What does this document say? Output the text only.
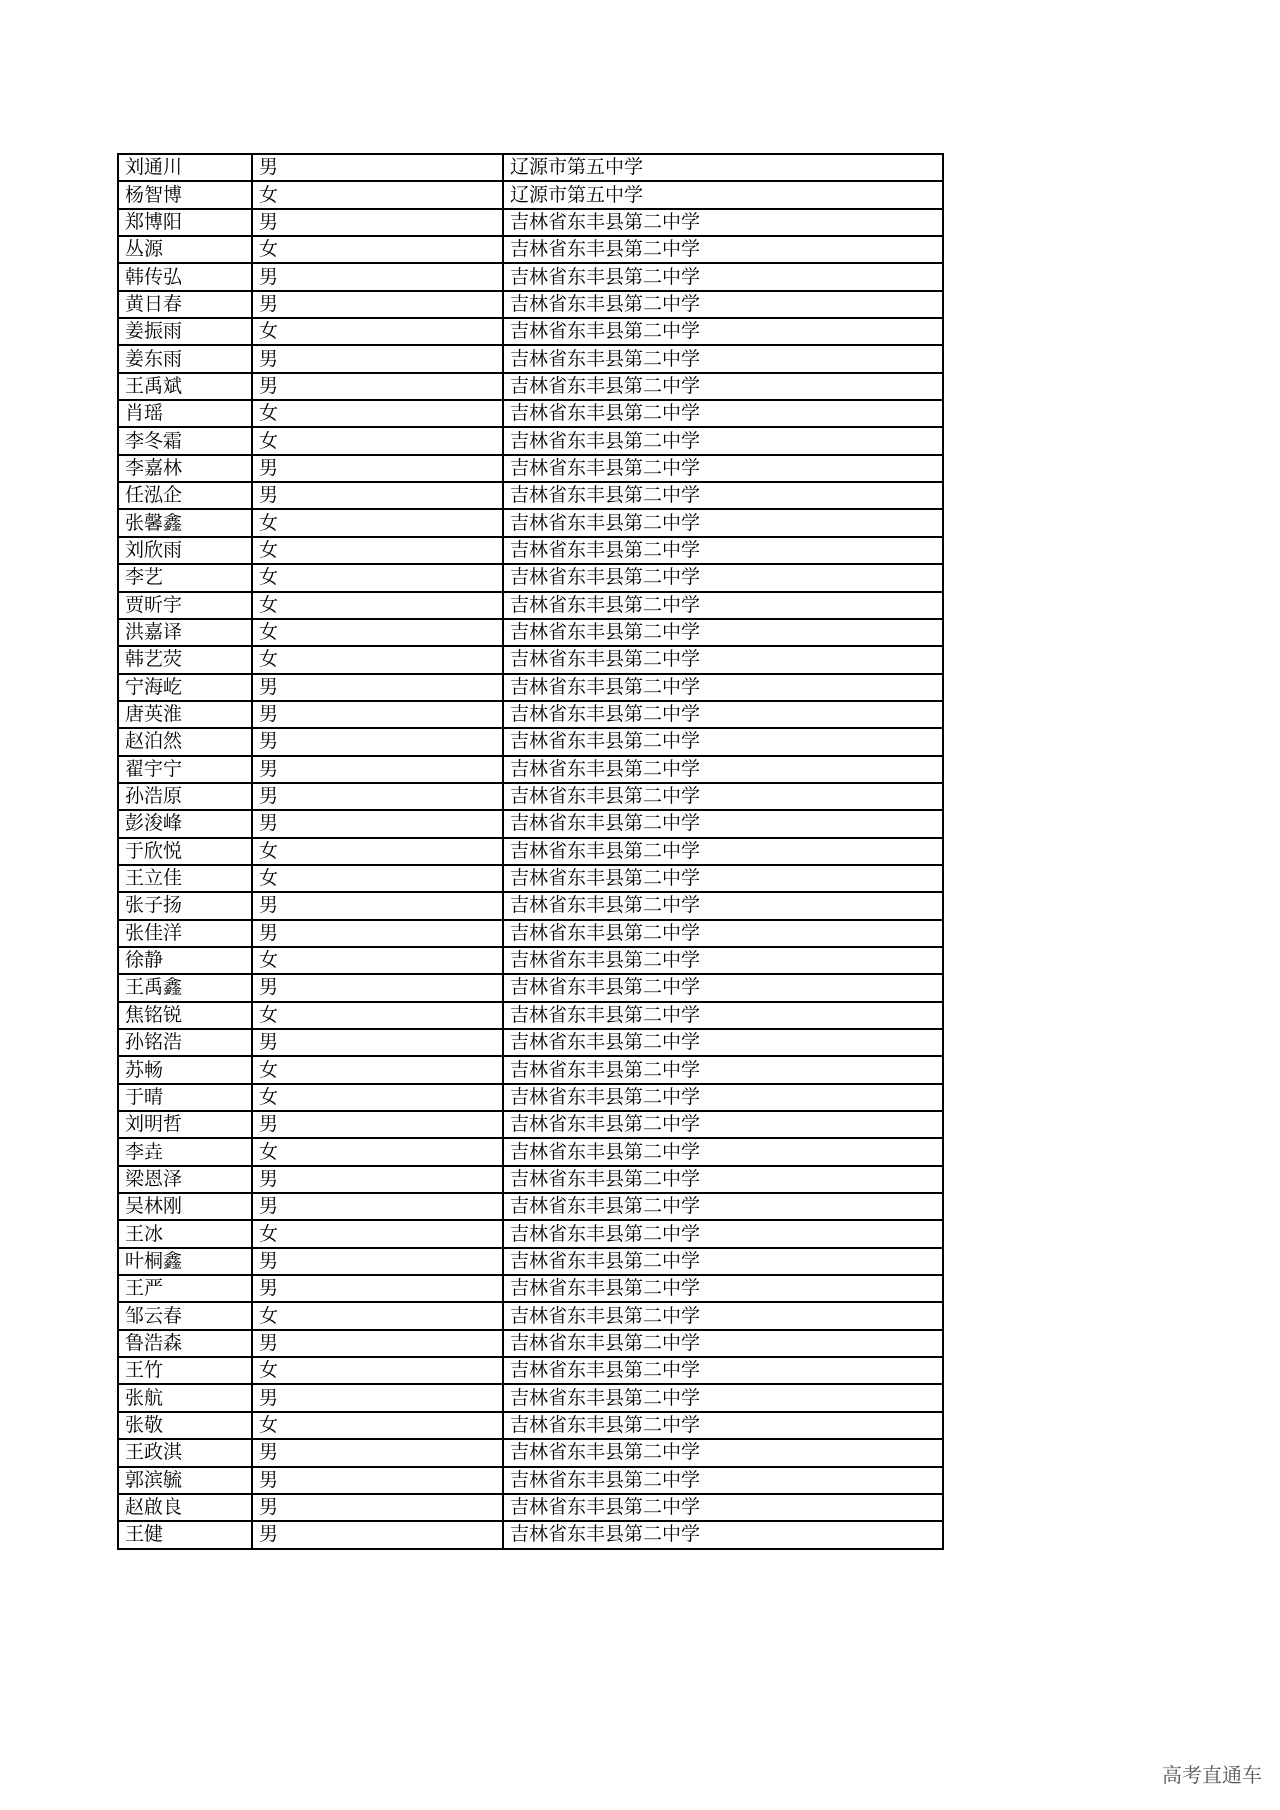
刘通川	男	辽源市第五中学
杨智博	女	辽源市第五中学
郑博阳	男	吉林省东丰县第二中学
丛源	女	吉林省东丰县第二中学
韩传弘	男	吉林省东丰县第二中学
黄日春	男	吉林省东丰县第二中学
姜振雨	女	吉林省东丰县第二中学
姜东雨	男	吉林省东丰县第二中学
王禹斌	男	吉林省东丰县第二中学
肖瑶	女	吉林省东丰县第二中学
李冬霜	女	吉林省东丰县第二中学
李嘉林	男	吉林省东丰县第二中学
任泓企	男	吉林省东丰县第二中学
张馨鑫	女	吉林省东丰县第二中学
刘欣雨	女	吉林省东丰县第二中学
李艺	女	吉林省东丰县第二中学
贾昕宇	女	吉林省东丰县第二中学
洪嘉译	女	吉林省东丰县第二中学
韩艺荧	女	吉林省东丰县第二中学
宁海屹	男	吉林省东丰县第二中学
唐英淮	男	吉林省东丰县第二中学
赵泊然	男	吉林省东丰县第二中学
翟宇宁	男	吉林省东丰县第二中学
孙浩原	男	吉林省东丰县第二中学
彭浚峰	男	吉林省东丰县第二中学
于欣悦	女	吉林省东丰县第二中学
王立佳	女	吉林省东丰县第二中学
张子扬	男	吉林省东丰县第二中学
张佳洋	男	吉林省东丰县第二中学
徐静	女	吉林省东丰县第二中学
王禹鑫	男	吉林省东丰县第二中学
焦铭锐	女	吉林省东丰县第二中学
孙铭浩	男	吉林省东丰县第二中学
苏畅	女	吉林省东丰县第二中学
于晴	女	吉林省东丰县第二中学
刘明哲	男	吉林省东丰县第二中学
李垚	女	吉林省东丰县第二中学
梁恩泽	男	吉林省东丰县第二中学
吴林刚	男	吉林省东丰县第二中学
王冰	女	吉林省东丰县第二中学
叶桐鑫	男	吉林省东丰县第二中学
王严	男	吉林省东丰县第二中学
邹云春	女	吉林省东丰县第二中学
鲁浩森	男	吉林省东丰县第二中学
王竹	女	吉林省东丰县第二中学
张航	男	吉林省东丰县第二中学
张敬	女	吉林省东丰县第二中学
王政淇	男	吉林省东丰县第二中学
郭滨毓	男	吉林省东丰县第二中学
赵啟良	男	吉林省东丰县第二中学
王健	男	吉林省东丰县第二中学
高考直通车
